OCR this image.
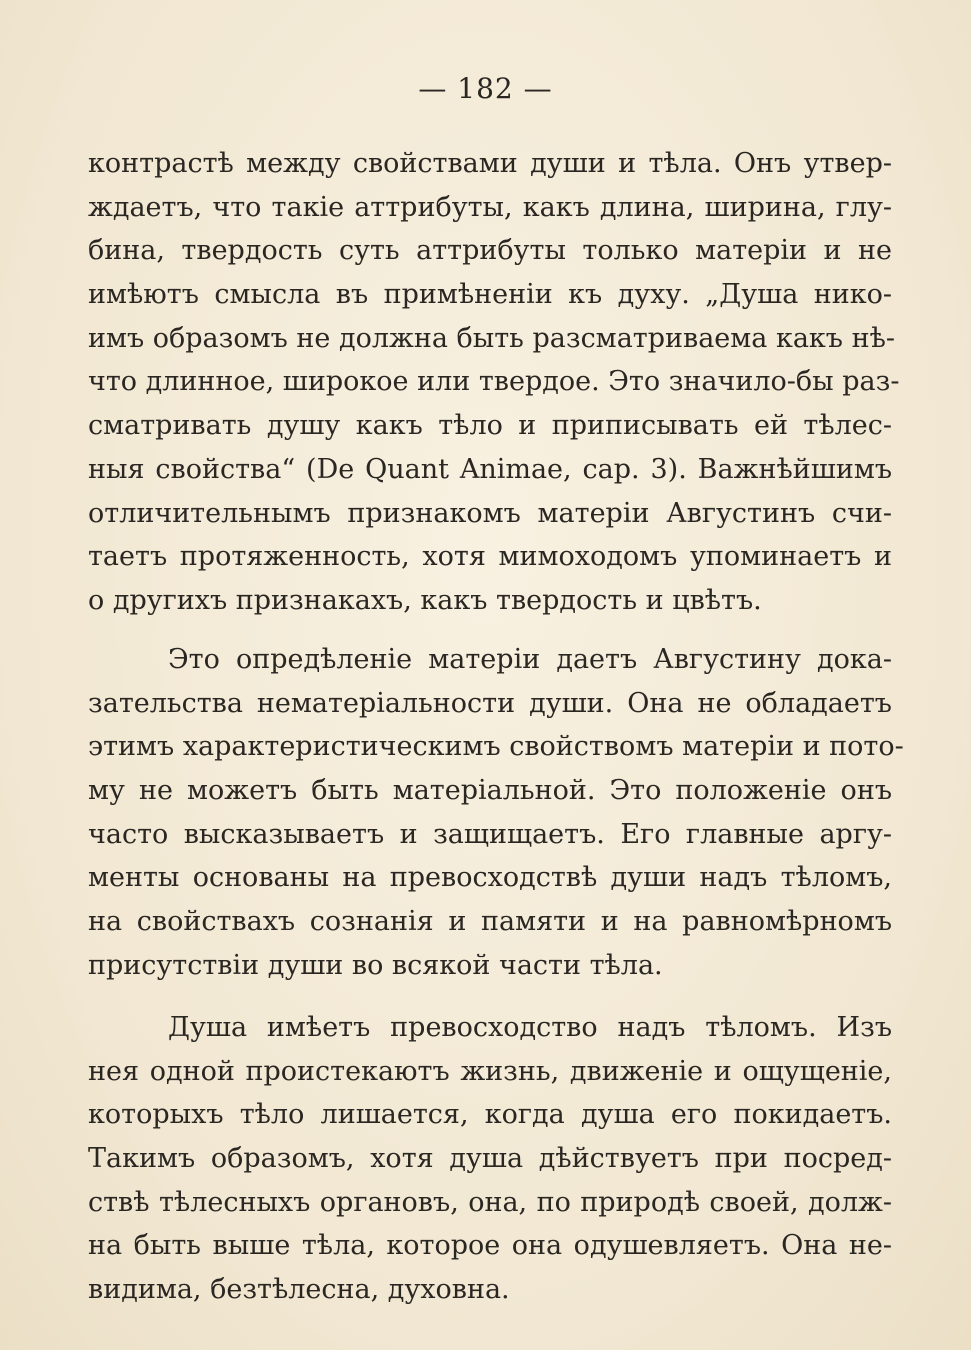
— 182 —
контрастѣ между свойствами души и тѣла. Онъ утвер-
ждаетъ, что такіе аттрибуты, какъ длина, ширина, глу-
бина, твердость суть аттрибуты только матеріи и не
имѣютъ смысла въ примѣненіи къ духу. „Душа нико-
имъ образомъ не должна быть разсматриваема какъ нѣ-
что длинное, широкое или твердое. Это значило-бы раз-
сматривать душу какъ тѣло и приписывать ей тѣлес-
ныя свойства“ (De Quant Animae, cap. 3). Важнѣйшимъ
отличительнымъ признакомъ матеріи Августинъ счи-
таетъ протяженность, хотя мимоходомъ упоминаетъ и
о другихъ признакахъ, какъ твердость и цвѣтъ.
Это опредѣленіе матеріи даетъ Августину дока-
зательства нематеріальности души. Она не обладаетъ
этимъ характеристическимъ свойствомъ матеріи и пото-
му не можетъ быть матеріальной. Это положеніе онъ
часто высказываетъ и защищаетъ. Его главные аргу-
менты основаны на превосходствѣ души надъ тѣломъ,
на свойствахъ сознанія и памяти и на равномѣрномъ
присутствіи души во всякой части тѣла.
Душа имѣетъ превосходство надъ тѣломъ. Изъ
нея одной проистекаютъ жизнь, движеніе и ощущеніе,
которыхъ тѣло лишается, когда душа его покидаетъ.
Такимъ образомъ, хотя душа дѣйствуетъ при посред-
ствѣ тѣлесныхъ органовъ, она, по природѣ своей, долж-
на быть выше тѣла, которое она одушевляетъ. Она не-
видима, безтѣлесна, духовна.
